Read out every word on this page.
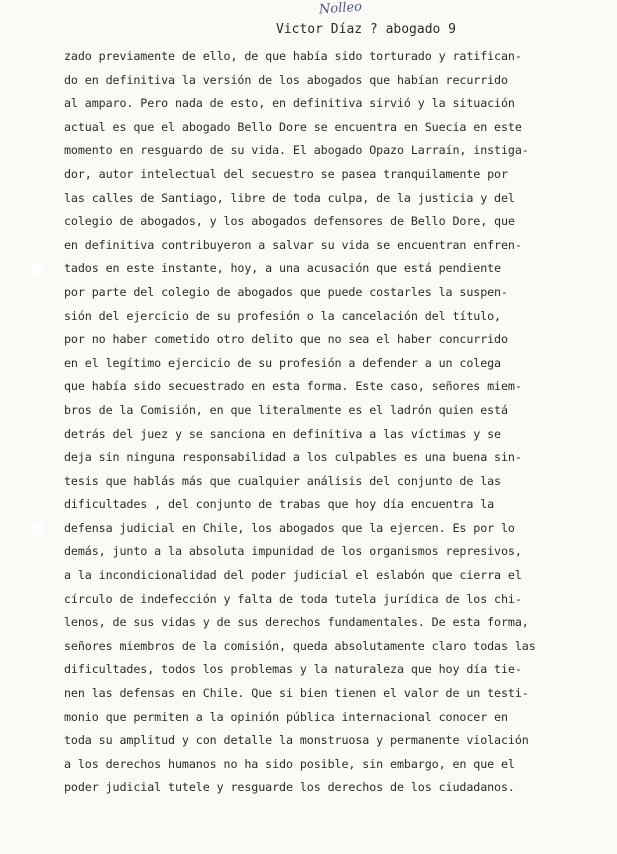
Nolleo
Victor Díaz ? abogado 9
zado previamente de ello, de que había sido torturado y ratifican-
do en definitiva la versión de los abogados que habían recurrido
al amparo. Pero nada de esto, en definitiva sirvió y la situación
actual es que el abogado Bello Dore se encuentra en Suecia en este
momento en resguardo de su vida. El abogado Opazo Larraín, instiga-
dor, autor intelectual del secuestro se pasea tranquilamente por
las calles de Santiago, libre de toda culpa, de la justicia y del
colegio de abogados, y los abogados defensores de Bello Dore, que
en definitiva contribuyeron a salvar su vida se encuentran enfren-
tados en este instante, hoy, a una acusación que está pendiente
por parte del colegio de abogados que puede costarles la suspen-
sión del ejercicio de su profesión o la cancelación del título,
por no haber cometido otro delito que no sea el haber concurrido
en el legítimo ejercicio de su profesión a defender a un colega
que había sido secuestrado en esta forma. Este caso, señores miem-
bros de la Comisión, en que literalmente es el ladrón quien está
detrás del juez y se sanciona en definitiva a las víctimas y se
deja sin ninguna responsabilidad a los culpables es una buena sin-
tesis que hablás más que cualquier análisis del conjunto de las
dificultades , del conjunto de trabas que hoy día encuentra la
defensa judicial en Chile, los abogados que la ejercen. Es por lo
demás, junto a la absoluta impunidad de los organismos represivos,
a la incondicionalidad del poder judicial el eslabón que cierra el
círculo de indefección y falta de toda tutela jurídica de los chi-
lenos, de sus vidas y de sus derechos fundamentales. De esta forma,
señores miembros de la comisión, queda absolutamente claro todas las
dificultades, todos los problemas y la naturaleza que hoy día tie-
nen las defensas en Chile. Que si bien tienen el valor de un testi-
monio que permiten a la opinión pública internacional conocer en
toda su amplitud y con detalle la monstruosa y permanente violación
a los derechos humanos no ha sido posible, sin embargo, en que el
poder judicial tutele y resguarde los derechos de los ciudadanos.
